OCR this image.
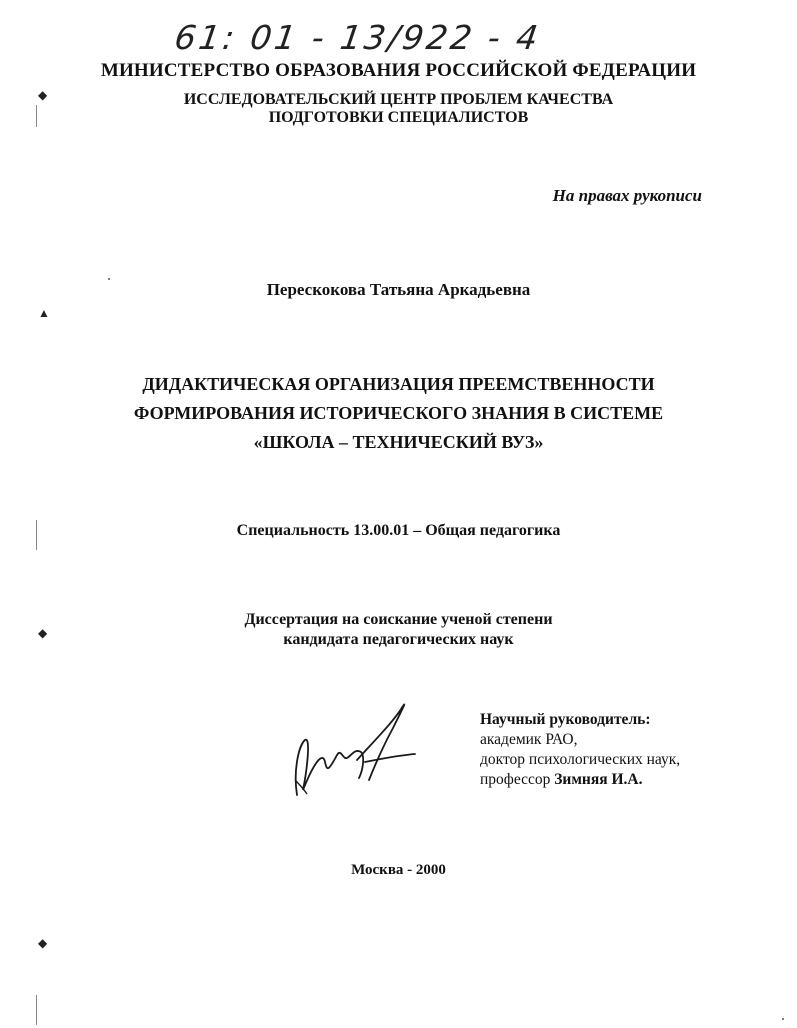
61: 01 - 13/922 - 4
МИНИСТЕРСТВО ОБРАЗОВАНИЯ РОССИЙСКОЙ ФЕДЕРАЦИИ
ИССЛЕДОВАТЕЛЬСКИЙ ЦЕНТР ПРОБЛЕМ КАЧЕСТВА
ПОДГОТОВКИ СПЕЦИАЛИСТОВ
На правах рукописи
Перескокова Татьяна Аркадьевна
ДИДАКТИЧЕСКАЯ ОРГАНИЗАЦИЯ ПРЕЕМСТВЕННОСТИ
ФОРМИРОВАНИЯ ИСТОРИЧЕСКОГО ЗНАНИЯ В СИСТЕМЕ
«ШКОЛА – ТЕХНИЧЕСКИЙ ВУЗ»
Специальность 13.00.01 – Общая педагогика
Диссертация на соискание ученой степени
кандидата педагогических наук
Научный руководитель:
академик РАО,
доктор психологических наук,
профессор Зимняя И.А.
Москва - 2000
◆
▲
◆
◆
